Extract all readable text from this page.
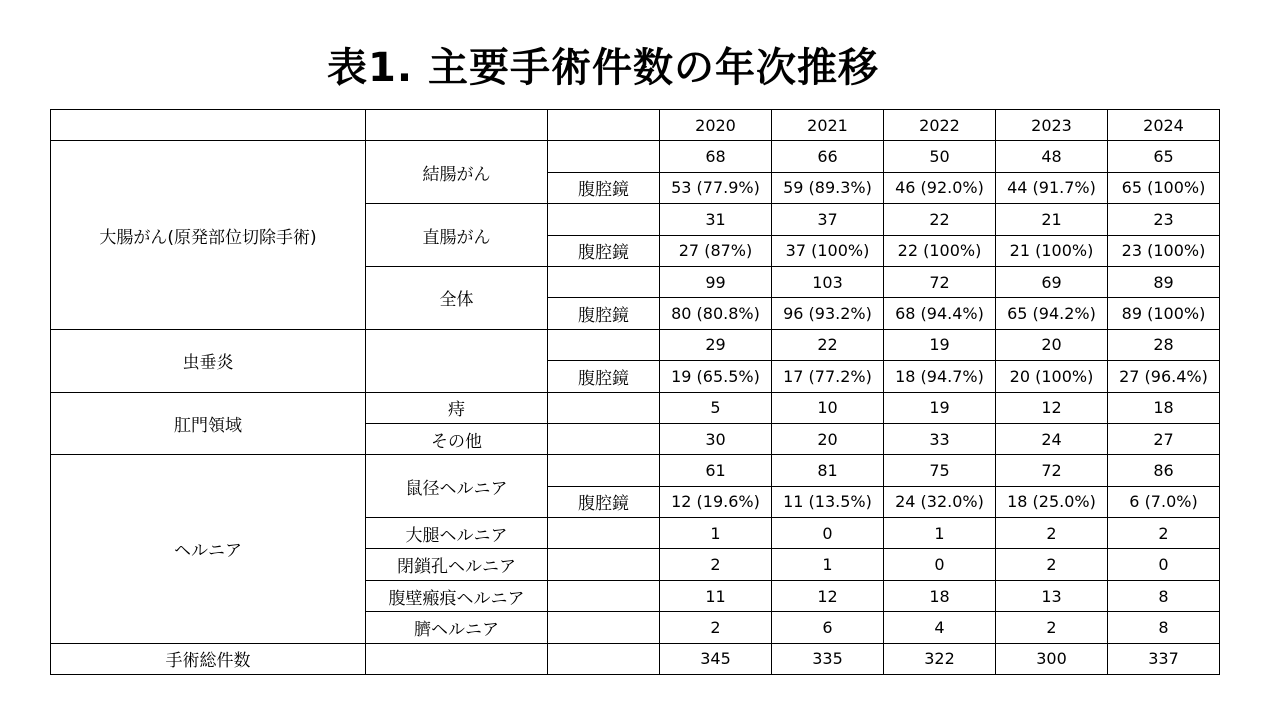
表1. 主要手術件数の年次推移
			2020	2021	2022	2023	2024
大腸がん(原発部位切除手術)	結腸がん		68	66	50	48	65
		腹腔鏡	53 (77.9%)	59 (89.3%)	46 (92.0%)	44 (91.7%)	65 (100%)
	直腸がん		31	37	22	21	23
		腹腔鏡	27 (87%)	37 (100%)	22 (100%)	21 (100%)	23 (100%)
	全体		99	103	72	69	89
		腹腔鏡	80 (80.8%)	96 (93.2%)	68 (94.4%)	65 (94.2%)	89 (100%)
虫垂炎			29	22	19	20	28
		腹腔鏡	19 (65.5%)	17 (77.2%)	18 (94.7%)	20 (100%)	27 (96.4%)
肛門領域	痔		5	10	19	12	18
	その他		30	20	33	24	27
ヘルニア	鼠径ヘルニア		61	81	75	72	86
		腹腔鏡	12 (19.6%)	11 (13.5%)	24 (32.0%)	18 (25.0%)	6 (7.0%)
	大腿ヘルニア		1	0	1	2	2
	閉鎖孔ヘルニア		2	1	0	2	0
	腹壁瘢痕ヘルニア		11	12	18	13	8
	臍ヘルニア		2	6	4	2	8
手術総件数			345	335	322	300	337
